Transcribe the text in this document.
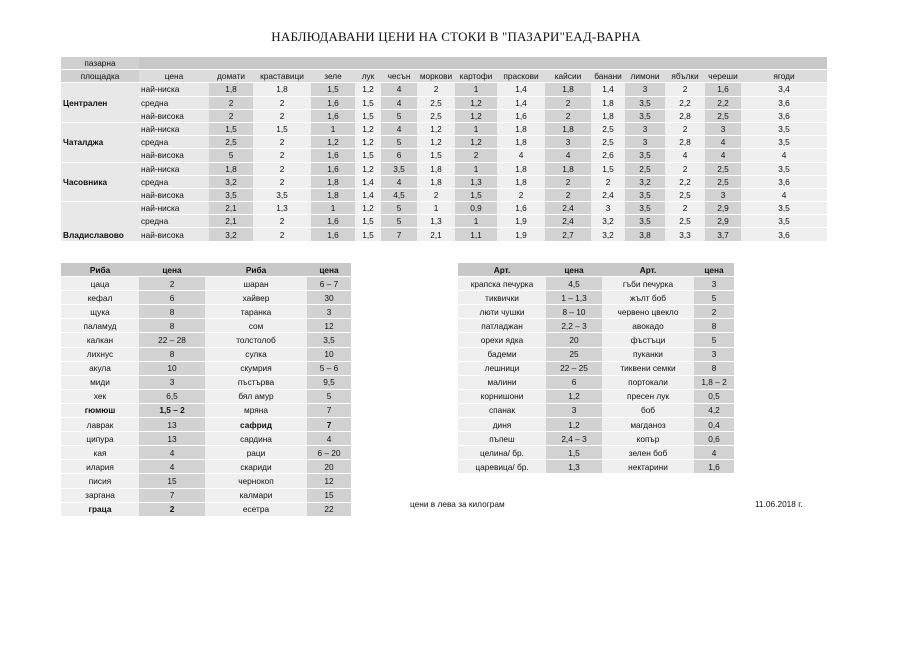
НАБЛЮДАВАНИ ЦЕНИ НА СТОКИ В "ПАЗАРИ"ЕАД-ВАРНА
пазарна															
площадка	цена	домати	краставици	зеле	лук	чесън	моркови	картофи	праскови	кайсии	банани	лимони	ябълки	череши	ягоди
Централен	най-ниска	1,8	1,8	1,5	1,2	4	2	1	1,4	1,8	1,4	3	2	1,6	3,4
	средна	2	2	1,6	1,5	4	2,5	1,2	1,4	2	1,8	3,5	2,2	2,2	3,6
	най-висока	2	2	1,6	1,5	5	2,5	1,2	1,6	2	1,8	3,5	2,8	2,5	3,6
Чаталджа	най-ниска	1,5	1,5	1	1,2	4	1,2	1	1,8	1,8	2,5	3	2	3	3,5
	средна	2,5	2	1,2	1,2	5	1,2	1,2	1,8	3	2,5	3	2,8	4	3,5
	най-висока	5	2	1,6	1,5	6	1,5	2	4	4	2,6	3,5	4	4	4
Часовника	най-ниска	1,8	2	1,6	1,2	3,5	1,8	1	1,8	1,8	1,5	2,5	2	2,5	3,5
	средна	3,2	2	1,8	1,4	4	1,8	1,3	1,8	2	2	3,2	2,2	2,5	3,6
	най-висока	3,5	3,5	1,8	1,4	4,5	2	1,5	2	2	2,4	3,5	2,5	3	4
Владиславово	най-ниска	2,1	1,3	1	1,2	5	1	0,9	1,6	2,4	3	3,5	2	2,9	3,5
	средна	2,1	2	1,6	1,5	5	1,3	1	1,9	2,4	3,2	3,5	2,5	2,9	3,5
	най-висока	3,2	2	1,6	1,5	7	2,1	1,1	1,9	2,7	3,2	3,8	3,3	3,7	3,6
Риба	цена	Риба	цена
цаца	2	шаран	6 – 7
кефал	6	хайвер	30
щука	8	таранка	3
паламуд	8	сом	12
калкан	22 – 28	толстолоб	3,5
лихнус	8	сулка	10
акула	10	скумрия	5 – 6
миди	3	пъстърва	9,5
хек	6,5	бял амур	5
гюмюш	1,5 – 2	мряна	7
лаврак	13	сафрид	7
ципура	13	сардина	4
кая	4	раци	6 – 20
илария	4	скариди	20
писия	15	чернокоп	12
заргана	7	калмари	15
граца	2	есетра	22
Арт.	цена	Арт.	цена
крапска печурка	4,5	гъби печурка	3
тиквички	1 – 1,3	жълт боб	5
люти чушки	8 – 10	червено цвекло	2
патладжан	2,2 – 3	авокадо	8
орехи ядка	20	фъстъци	5
бадеми	25	пуканки	3
лешници	22 – 25	тиквени семки	8
малини	6	портокали	1,8 – 2
корнишони	1,2	пресен лук	0,5
спанак	3	боб	4,2
диня	1,2	магданоз	0,4
пъпеш	2,4 – 3	копър	0,6
целина/ бр.	1,5	зелен боб	4
царевица/ бр.	1,3	нектарини	1,6
цени в лева за килограм	11.06.2018 г.
